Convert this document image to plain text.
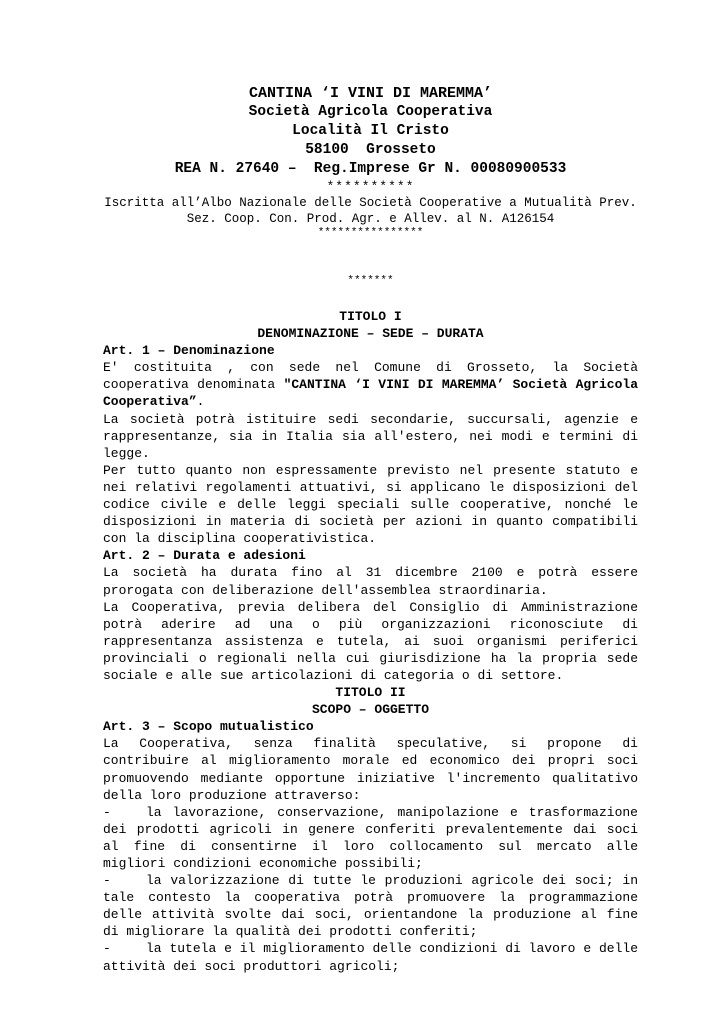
CANTINA ‘I VINI DI MAREMMA’
Società Agricola Cooperativa
Località Il Cristo
58100  Grosseto
REA N. 27640 –  Reg.Imprese Gr N. 00080900533
**********
Iscritta all’Albo Nazionale delle Società Cooperative a Mutualità Prev.
Sez. Coop. Con. Prod. Agr. e Allev. al N. A126154
****************
*******
TITOLO I
DENOMINAZIONE – SEDE – DURATA
Art. 1 – Denominazione
E' costituita , con sede nel Comune di Grosseto, la Società cooperativa denominata "CANTINA ‘I VINI DI MAREMMA’ Società Agricola Cooperativa”.
La società potrà istituire sedi secondarie, succursali, agenzie e rappresentanze, sia in Italia sia all'estero, nei modi e termini di legge.
Per tutto quanto non espressamente previsto nel presente statuto e nei relativi regolamenti attuativi, si applicano le disposizioni del codice civile e delle leggi speciali sulle cooperative, nonché le disposizioni in materia di società per azioni in quanto compatibili con la disciplina cooperativistica.
Art. 2 – Durata e adesioni
La società ha durata fino al 31 dicembre 2100 e potrà essere prorogata con deliberazione dell'assemblea straordinaria.
La Cooperativa, previa delibera del Consiglio di Amministrazione potrà aderire ad una o più organizzazioni riconosciute di rappresentanza assistenza e tutela, ai suoi organismi periferici provinciali o regionali nella cui giurisdizione ha la propria sede sociale e alle sue articolazioni di categoria o di settore.
TITOLO II
SCOPO – OGGETTO
Art. 3 – Scopo mutualistico
La Cooperativa, senza finalità speculative, si propone di contribuire al miglioramento morale ed economico dei propri soci promuovendo mediante opportune iniziative l'incremento qualitativo della loro produzione attraverso:
-	la lavorazione, conservazione, manipolazione e trasformazione dei prodotti agricoli in genere conferiti prevalentemente dai soci al fine di consentirne il loro collocamento sul mercato alle migliori condizioni economiche possibili;
-	la valorizzazione di tutte le produzioni agricole dei soci; in tale contesto la cooperativa potrà promuovere la programmazione delle attività svolte dai soci, orientandone la produzione al fine di migliorare la qualità dei prodotti conferiti;
-	la tutela e il miglioramento delle condizioni di lavoro e delle attività dei soci produttori agricoli;
